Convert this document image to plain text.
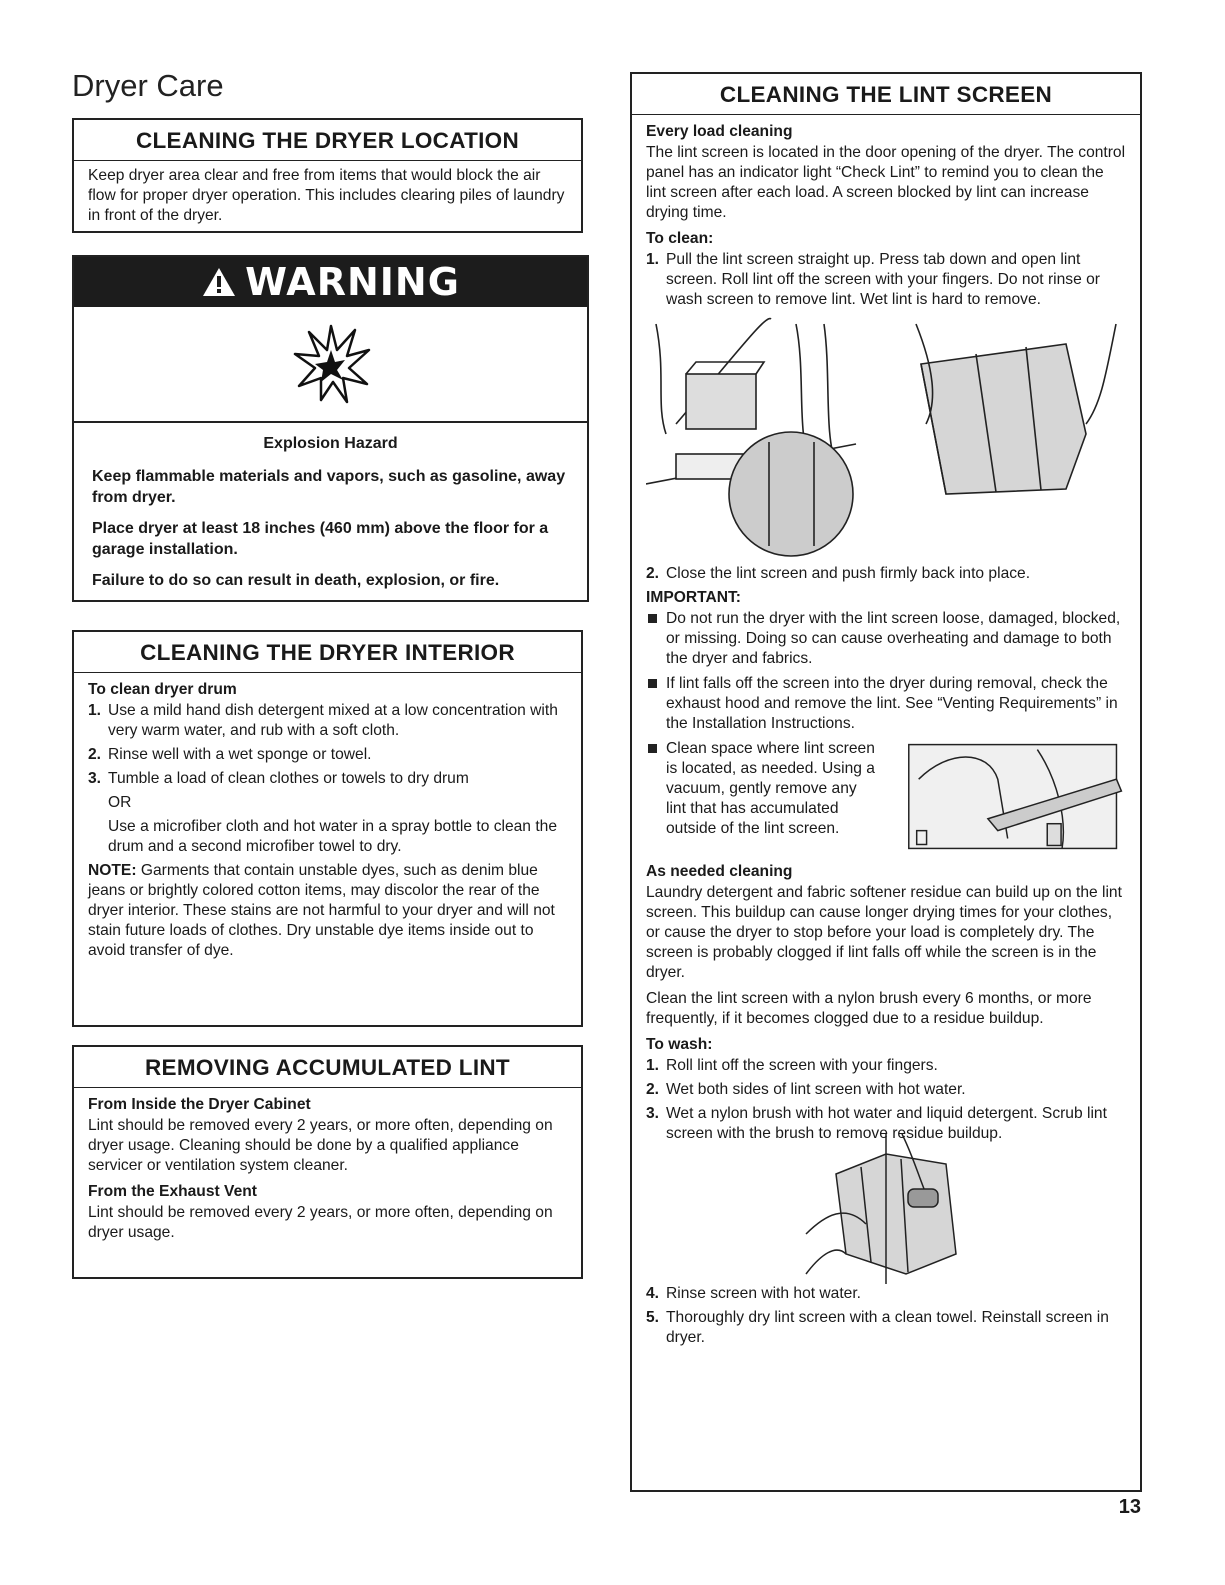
Dryer Care
CLEANING THE DRYER LOCATION

Keep dryer area clear and free from items that would block the air flow for proper dryer operation. This includes clearing piles of laundry in front of the dryer.

WARNING
Explosion Hazard

Keep flammable materials and vapors, such as gasoline, away from dryer.

Place dryer at least 18 inches (460 mm) above the floor for a garage installation.

Failure to do so can result in death, explosion, or fire.

CLEANING THE DRYER INTERIOR
To clean dryer drum
1. Use a mild hand dish detergent mixed at a low concentration with very warm water, and rub with a soft cloth.
2. Rinse well with a wet sponge or towel.
3. Tumble a load of clean clothes or towels to dry drum
OR
Use a microfiber cloth and hot water in a spray bottle to clean the drum and a second microfiber towel to dry.

NOTE: Garments that contain unstable dyes, such as denim blue jeans or brightly colored cotton items, may discolor the rear of the dryer interior. These stains are not harmful to your dryer and will not stain future loads of clothes. Dry unstable dye items inside out to avoid transfer of dye.

REMOVING ACCUMULATED LINT
From Inside the Dryer Cabinet

Lint should be removed every 2 years, or more often, depending on dryer usage. Cleaning should be done by a qualified appliance servicer or ventilation system cleaner.

From the Exhaust Vent

Lint should be removed every 2 years, or more often, depending on dryer usage.

CLEANING THE LINT SCREEN
Every load cleaning

The lint screen is located in the door opening of the dryer. The control panel has an indicator light “Check Lint” to remind you to clean the lint screen after each load. A screen blocked by lint can increase drying time.

To clean:
1. Pull the lint screen straight up. Press tab down and open lint screen. Roll lint off the screen with your fingers. Do not rinse or wash screen to remove lint. Wet lint is hard to remove.
2. Close the lint screen and push firmly back into place.
IMPORTANT:
Do not run the dryer with the lint screen loose, damaged, blocked, or missing. Doing so can cause overheating and damage to both the dryer and fabrics.
If lint falls off the screen into the dryer during removal, check the exhaust hood and remove the lint. See “Venting Requirements” in the Installation Instructions.
Clean space where lint screen is located, as needed. Using a vacuum, gently remove any lint that has accumulated outside of the lint screen.
As needed cleaning

Laundry detergent and fabric softener residue can build up on the lint screen. This buildup can cause longer drying times for your clothes, or cause the dryer to stop before your load is completely dry. The screen is probably clogged if lint falls off while the screen is in the dryer.

Clean the lint screen with a nylon brush every 6 months, or more frequently, if it becomes clogged due to a residue buildup.

To wash:
1. Roll lint off the screen with your fingers.
2. Wet both sides of lint screen with hot water.
3. Wet a nylon brush with hot water and liquid detergent. Scrub lint screen with the brush to remove residue buildup.
4. Rinse screen with hot water.
5. Thoroughly dry lint screen with a clean towel. Reinstall screen in dryer.
13
